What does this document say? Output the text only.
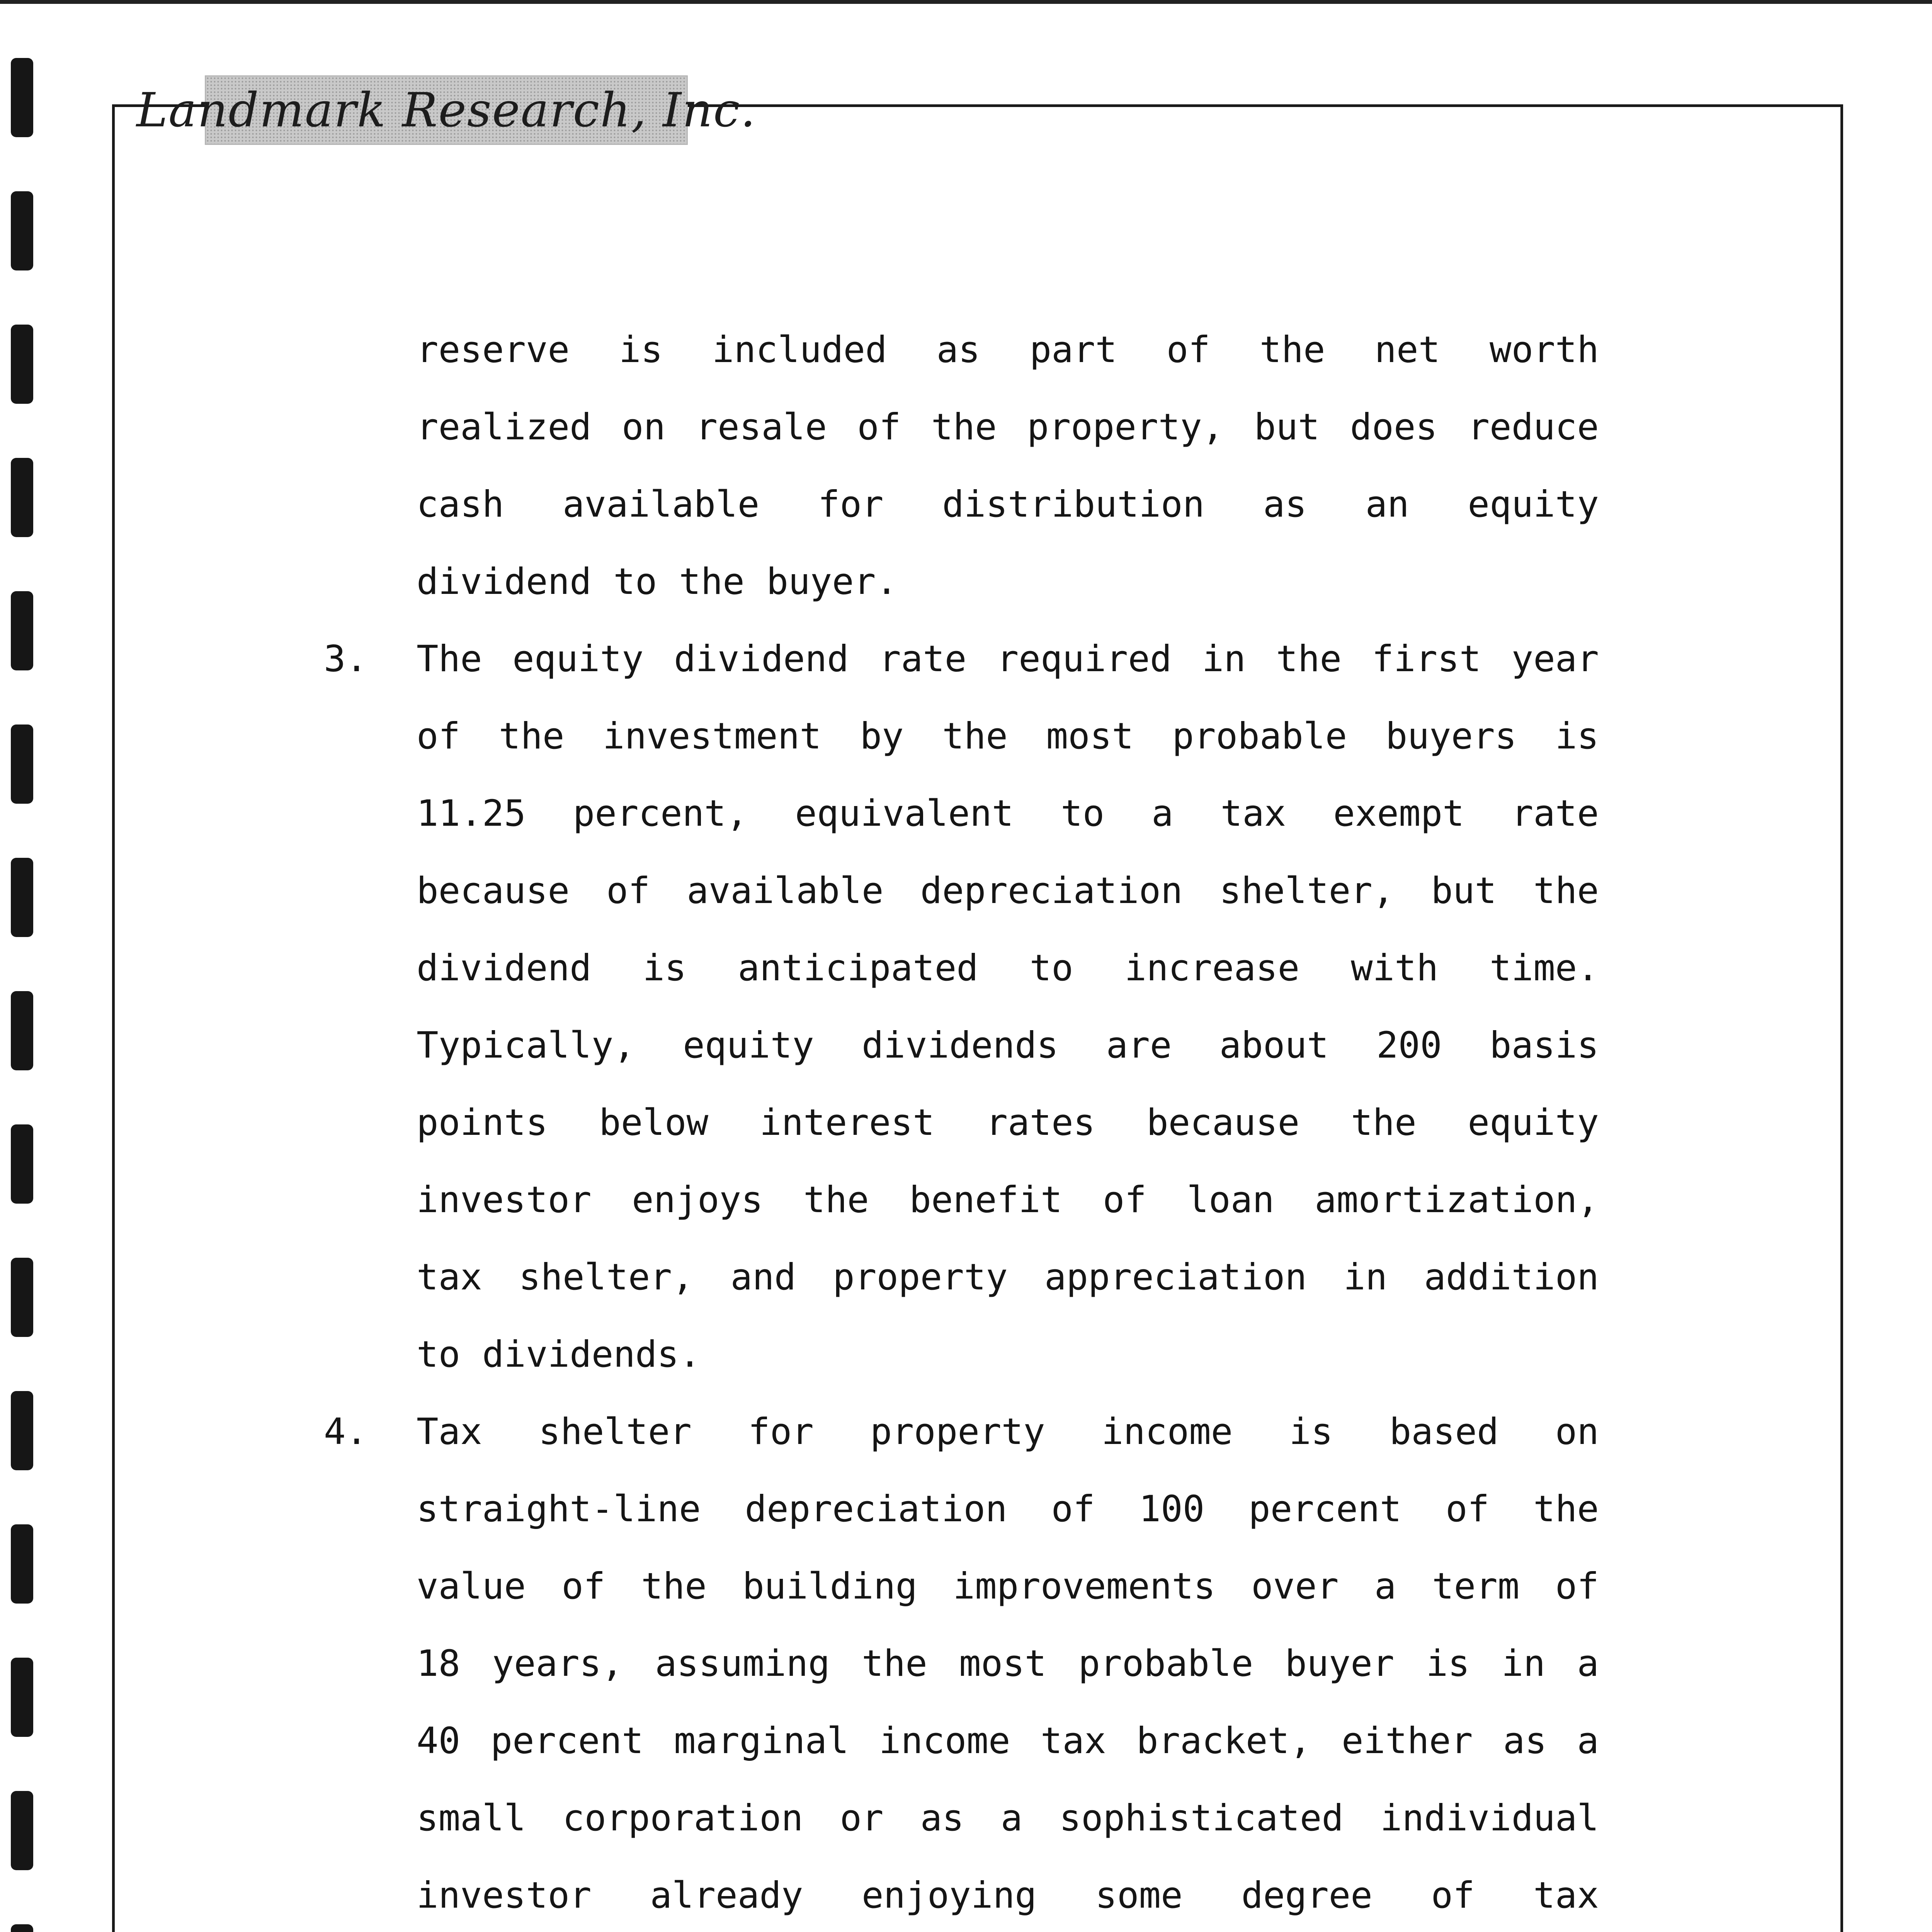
Landmark Research, Inc.
reserve is included as part of the net worth
realized on resale of the property, but does reduce
cash available for distribution as an equity
dividend to the buyer.
3. The equity dividend rate required in the first year
of the investment by the most probable buyers is
11.25 percent, equivalent to a tax exempt rate
because of available depreciation shelter, but the
dividend is anticipated to increase with time.
Typically, equity dividends are about 200 basis
points below interest rates because the equity
investor enjoys the benefit of loan amortization,
tax shelter, and property appreciation in addition
to dividends.
4. Tax shelter for property income is based on
straight-line depreciation of 100 percent of the
value of the building improvements over a term of
18 years, assuming the most probable buyer is in a
40 percent marginal income tax bracket, either as a
small corporation or as a sophisticated individual
investor already enjoying some degree of tax
